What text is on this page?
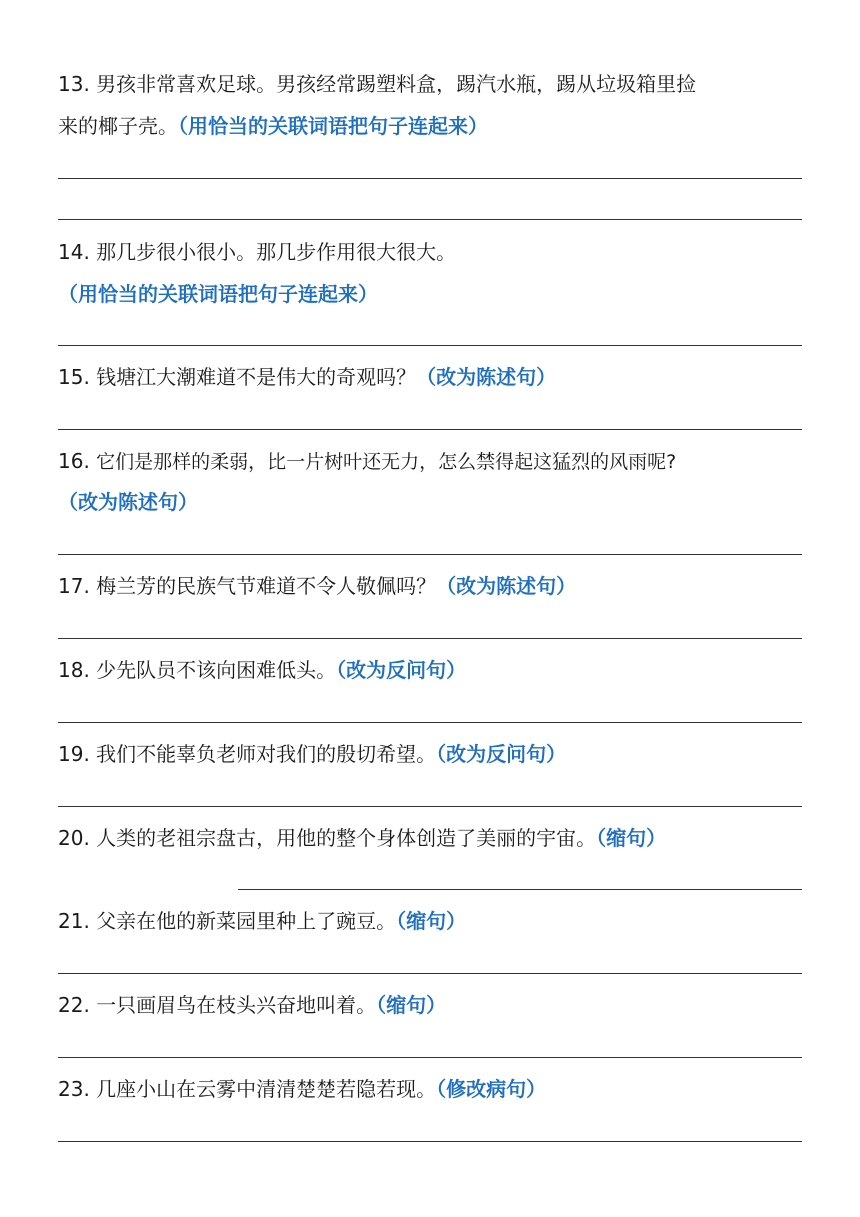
13. 男孩非常喜欢足球。男孩经常踢塑料盒，踢汽水瓶，踢从垃圾箱里捡
来的椰子壳。（用恰当的关联词语把句子连起来）
14. 那几步很小很小。那几步作用很大很大。
（用恰当的关联词语把句子连起来）
15. 钱塘江大潮难道不是伟大的奇观吗？（改为陈述句）
16. 它们是那样的柔弱，比一片树叶还无力，怎么禁得起这猛烈的风雨呢?
（改为陈述句）
17. 梅兰芳的民族气节难道不令人敬佩吗？（改为陈述句）
18. 少先队员不该向困难低头。（改为反问句）
19. 我们不能辜负老师对我们的殷切希望。（改为反问句）
20. 人类的老祖宗盘古，用他的整个身体创造了美丽的宇宙。（缩句）
21. 父亲在他的新菜园里种上了豌豆。（缩句）
22. 一只画眉鸟在枝头兴奋地叫着。（缩句）
23. 几座小山在云雾中清清楚楚若隐若现。（修改病句）
